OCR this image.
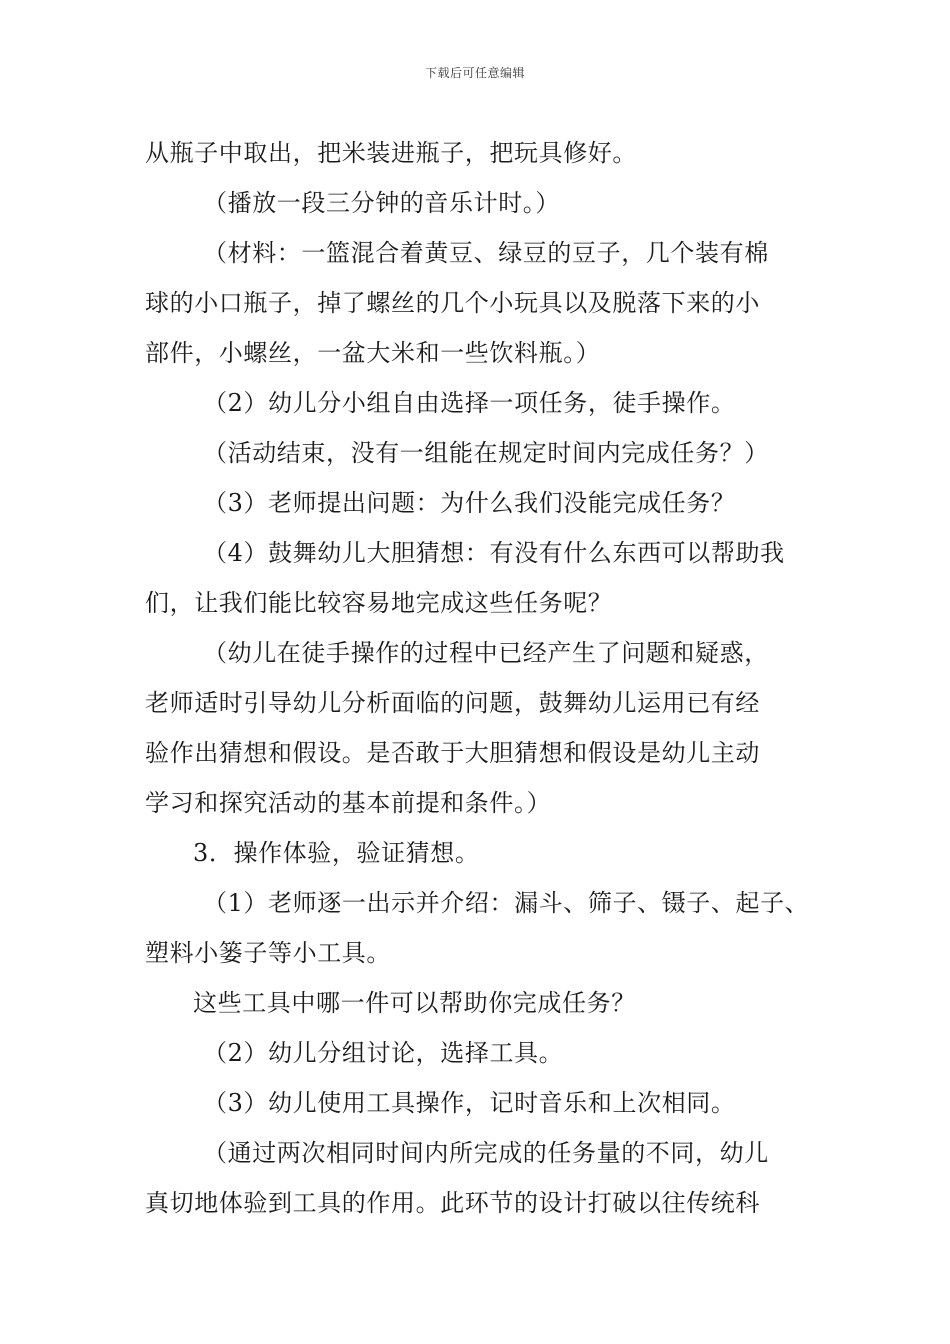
下载后可任意编辑
从瓶子中取出，把米装进瓶子，把玩具修好。
（播放一段三分钟的音乐计时。）
（材料：一篮混合着黄豆、绿豆的豆子，几个装有棉
球的小口瓶子，掉了螺丝的几个小玩具以及脱落下来的小
部件，小螺丝，一盆大米和一些饮料瓶。）
（2）幼儿分小组自由选择一项任务，徒手操作。
（活动结束，没有一组能在规定时间内完成任务？）
（3）老师提出问题：为什么我们没能完成任务？
（4）鼓舞幼儿大胆猜想：有没有什么东西可以帮助我
们，让我们能比较容易地完成这些任务呢？
（幼儿在徒手操作的过程中已经产生了问题和疑惑，
老师适时引导幼儿分析面临的问题，鼓舞幼儿运用已有经
验作出猜想和假设。是否敢于大胆猜想和假设是幼儿主动
学习和探究活动的基本前提和条件。）
3．操作体验，验证猜想。
（1）老师逐一出示并介绍：漏斗、筛子、镊子、起子、
塑料小篓子等小工具。
这些工具中哪一件可以帮助你完成任务？
（2）幼儿分组讨论，选择工具。
（3）幼儿使用工具操作，记时音乐和上次相同。
（通过两次相同时间内所完成的任务量的不同，幼儿
真切地体验到工具的作用。此环节的设计打破以往传统科
